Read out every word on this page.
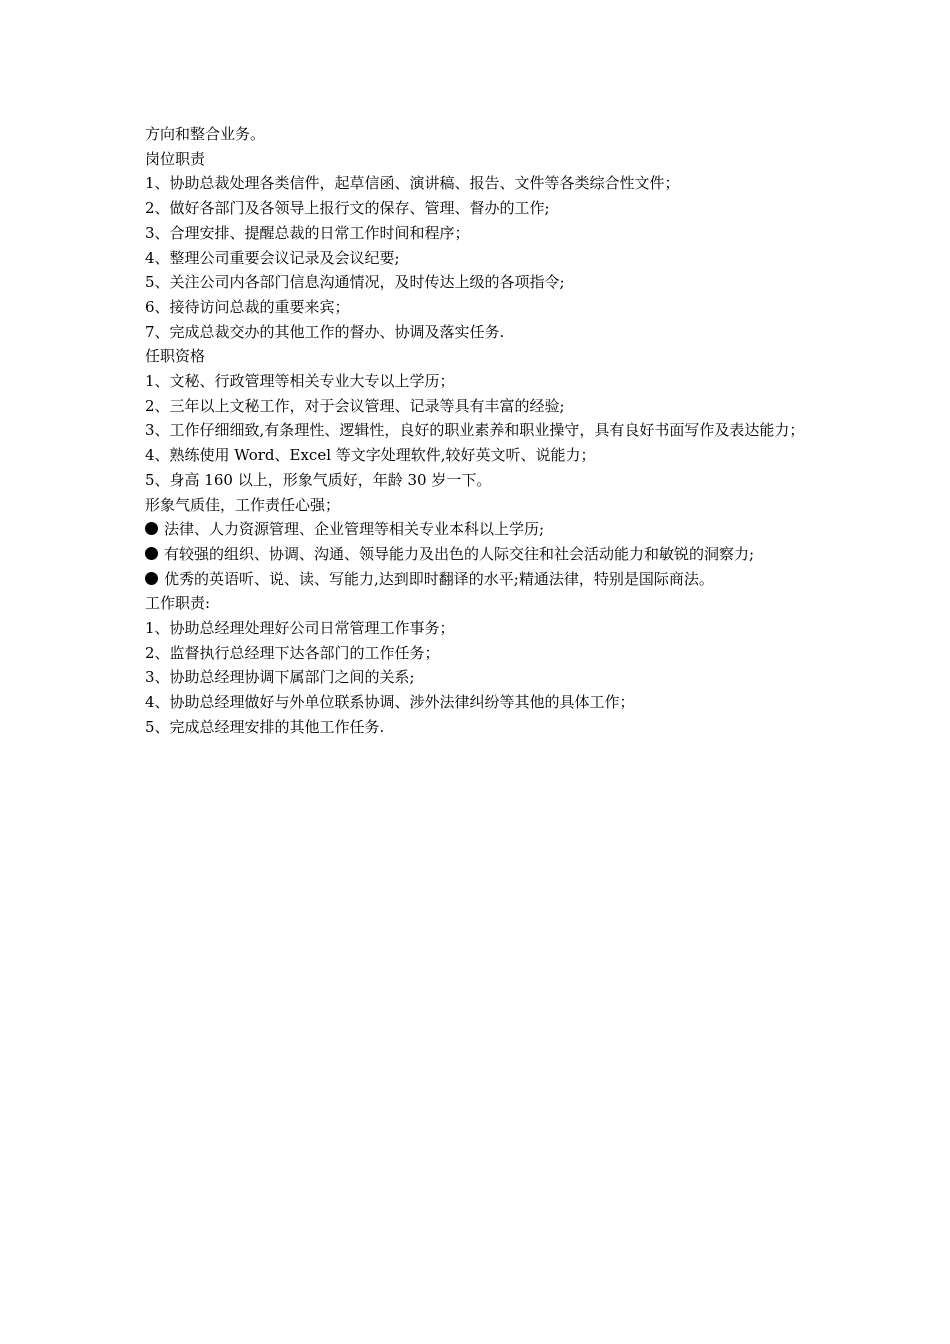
方向和整合业务。

岗位职责

1、协助总裁处理各类信件，起草信函、演讲稿、报告、文件等各类综合性文件；

2、做好各部门及各领导上报行文的保存、管理、督办的工作;

3、合理安排、提醒总裁的日常工作时间和程序；

4、整理公司重要会议记录及会议纪要;

5、关注公司内各部门信息沟通情况，及时传达上级的各项指令;

6、接待访问总裁的重要来宾；

7、完成总裁交办的其他工作的督办、协调及落实任务.

任职资格

1、文秘、行政管理等相关专业大专以上学历；

2、三年以上文秘工作，对于会议管理、记录等具有丰富的经验;

3、工作仔细细致,有条理性、逻辑性，良好的职业素养和职业操守，具有良好书面写作及表达能力；

4、熟练使用 Word、Excel 等文字处理软件,较好英文听、说能力；

5、身高 160 以上，形象气质好，年龄 30 岁一下。

形象气质佳，工作责任心强；

法律、人力资源管理、企业管理等相关专业本科以上学历;

有较强的组织、协调、沟通、领导能力及出色的人际交往和社会活动能力和敏锐的洞察力;

优秀的英语听、说、读、写能力,达到即时翻译的水平;精通法律，特别是国际商法。

工作职责:

1、协助总经理处理好公司日常管理工作事务；

2、监督执行总经理下达各部门的工作任务；

3、协助总经理协调下属部门之间的关系;

4、协助总经理做好与外单位联系协调、涉外法律纠纷等其他的具体工作；

5、完成总经理安排的其他工作任务.
